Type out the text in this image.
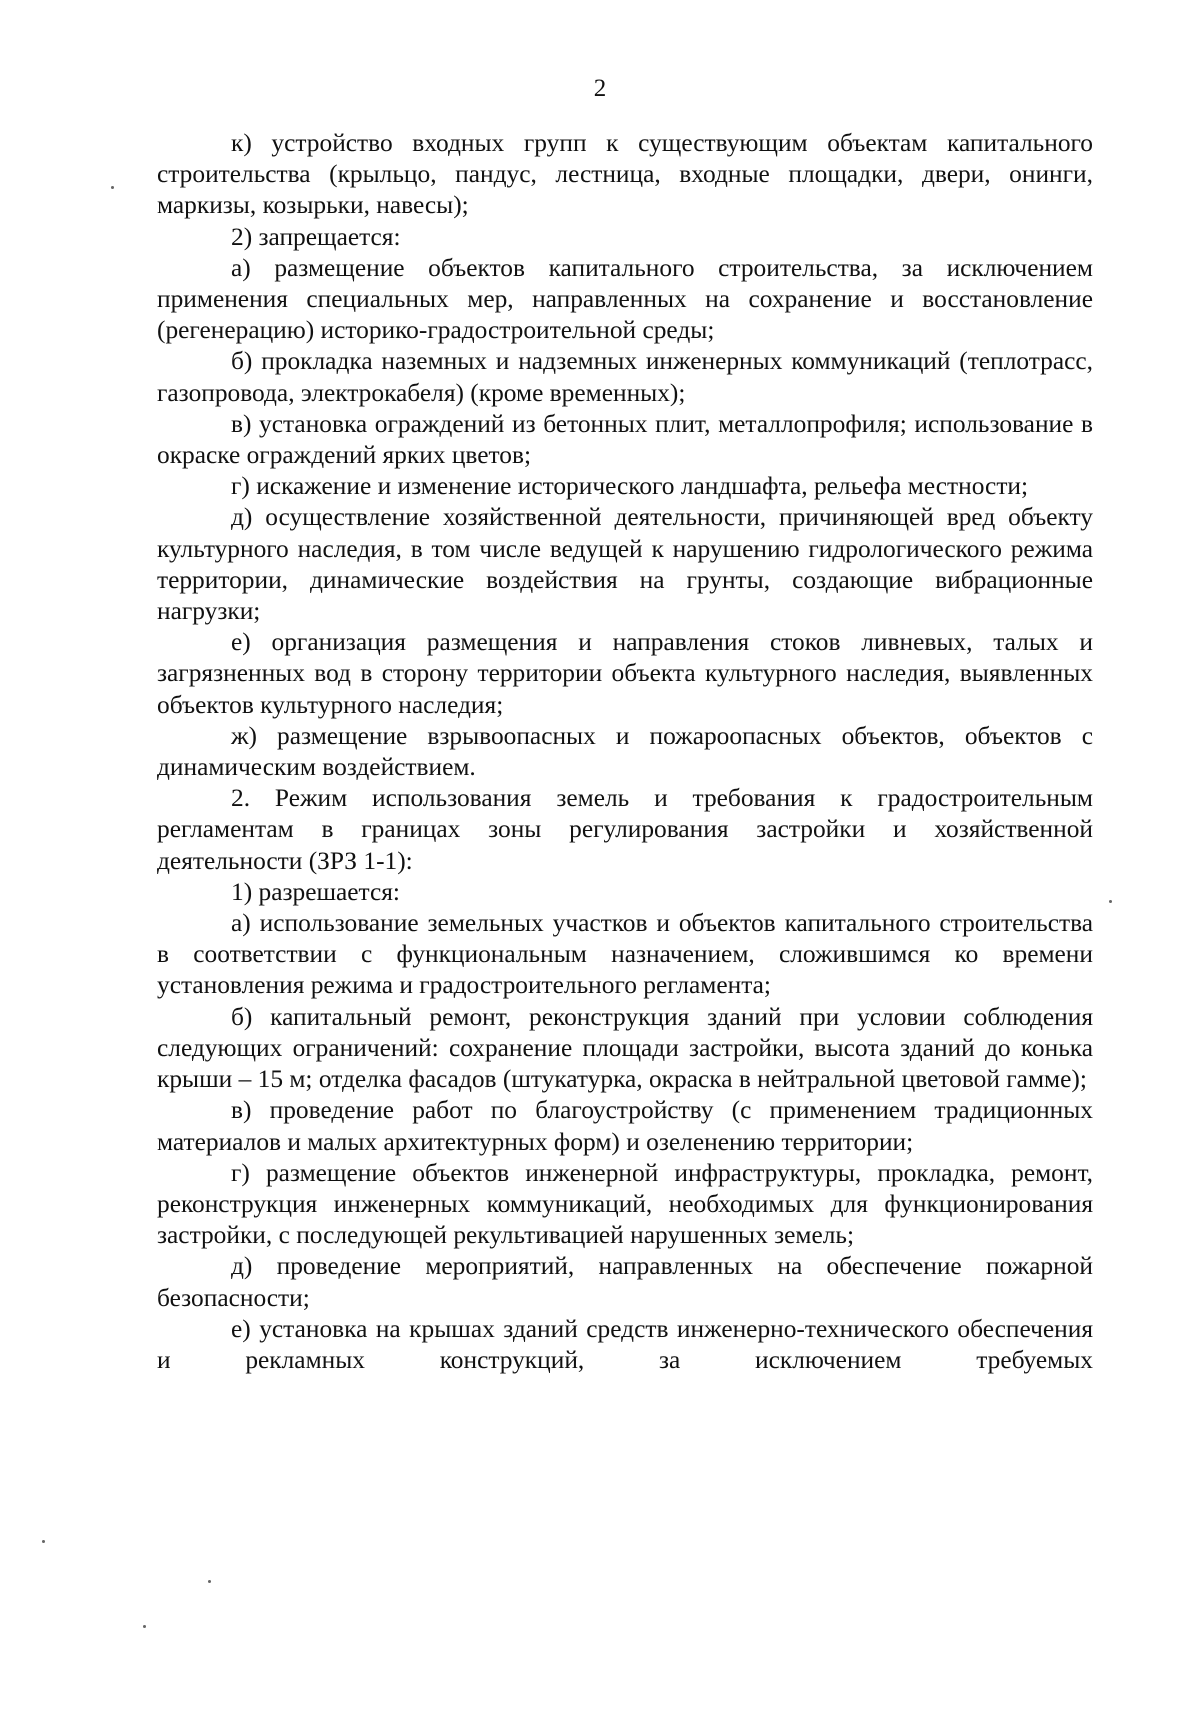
2

к) устройство входных групп к существующим объектам капитального строительства (крыльцо, пандус, лестница, входные площадки, двери, онинги, маркизы, козырьки, навесы);

2) запрещается:

а) размещение объектов капитального строительства, за исключением применения специальных мер, направленных на сохранение и восстановление (регенерацию) историко-градостроительной среды;

б) прокладка наземных и надземных инженерных коммуникаций (теплотрасс, газопровода, электрокабеля) (кроме временных);

в) установка ограждений из бетонных плит, металлопрофиля; использование в окраске ограждений ярких цветов;

г) искажение и изменение исторического ландшафта, рельефа местности;

д) осуществление хозяйственной деятельности, причиняющей вред объекту культурного наследия, в том числе ведущей к нарушению гидрологического режима территории, динамические воздействия на грунты, создающие вибрационные нагрузки;

е) организация размещения и направления стоков ливневых, талых и загрязненных вод в сторону территории объекта культурного наследия, выявленных объектов культурного наследия;

ж) размещение взрывоопасных и пожароопасных объектов, объектов с динамическим воздействием.

2. Режим использования земель и требования к градостроительным регламентам в границах зоны регулирования застройки и хозяйственной деятельности (ЗРЗ 1-1):

1) разрешается:

а) использование земельных участков и объектов капитального строительства в соответствии с функциональным назначением, сложившимся ко времени установления режима и градостроительного регламента;

б) капитальный ремонт, реконструкция зданий при условии соблюдения следующих ограничений: сохранение площади застройки, высота зданий до конька крыши – 15 м; отделка фасадов (штукатурка, окраска в нейтральной цветовой гамме);

в) проведение работ по благоустройству (с применением традиционных материалов и малых архитектурных форм) и озеленению территории;

г) размещение объектов инженерной инфраструктуры, прокладка, ремонт, реконструкция инженерных коммуникаций, необходимых для функционирования застройки, с последующей рекультивацией нарушенных земель;

д) проведение мероприятий, направленных на обеспечение пожарной безопасности;

е) установка на крышах зданий средств инженерно-технического обеспечения и рекламных конструкций, за исключением требуемых
